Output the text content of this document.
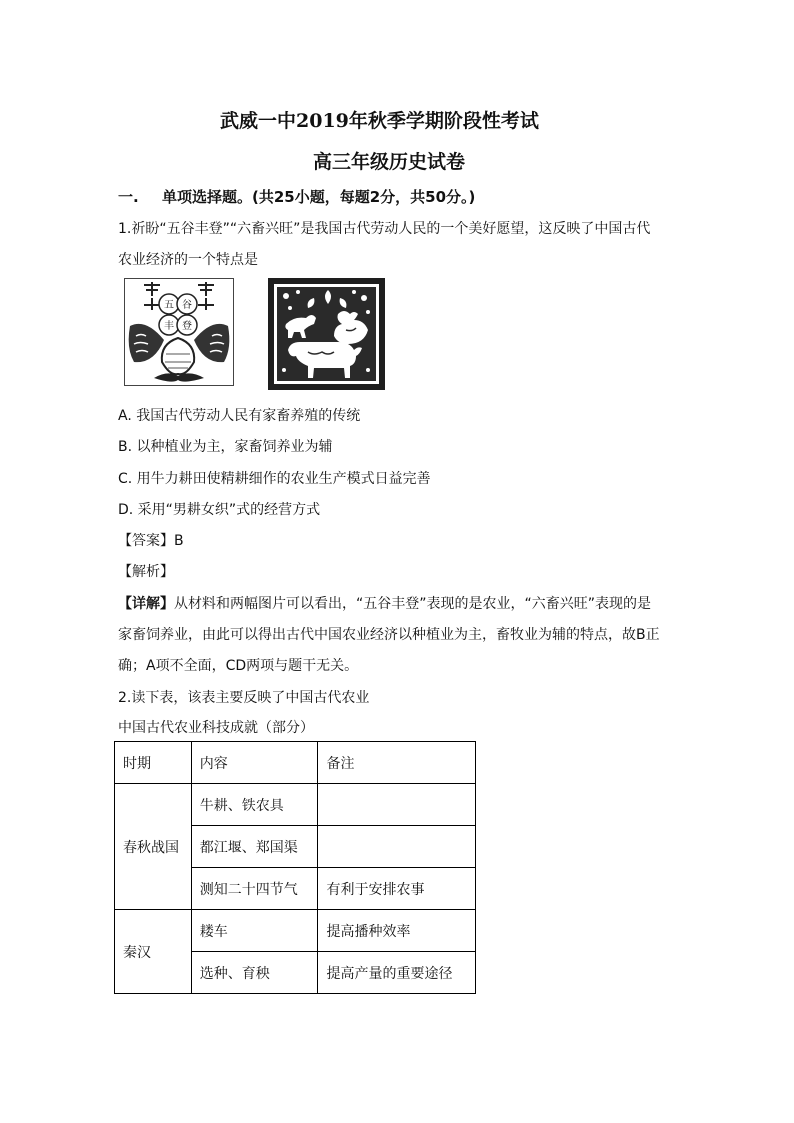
武威一中2019年秋季学期阶段性考试
高三年级历史试卷
一. 单项选择题。(共25小题，每题2分，共50分。)
1.祈盼“五谷丰登”“六畜兴旺”是我国古代劳动人民的一个美好愿望，这反映了中国古代
农业经济的一个特点是
五 谷
丰 登
A. 我国古代劳动人民有家畜养殖的传统
B. 以种植业为主，家畜饲养业为辅
C. 用牛力耕田使精耕细作的农业生产模式日益完善
D. 采用“男耕女织”式的经营方式
【答案】B
【解析】
【详解】从材料和两幅图片可以看出，“五谷丰登”表现的是农业，“六畜兴旺”表现的是
家畜饲养业，由此可以得出古代中国农业经济以种植业为主，畜牧业为辅的特点，故B正
确；A项不全面，CD两项与题干无关。
2.读下表，该表主要反映了中国古代农业
中国古代农业科技成就（部分）
时期	内容	备注
春秋战国	牛耕、铁农具	
	都江堰、郑国渠	
	测知二十四节气	有利于安排农事
秦汉	耧车	提高播种效率
	选种、育秧	提高产量的重要途径
